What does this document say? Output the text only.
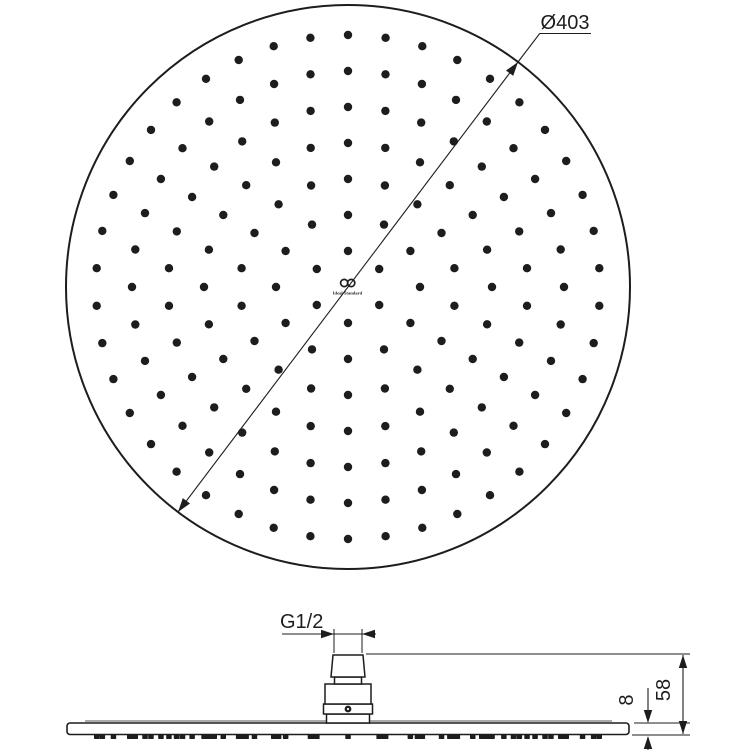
Ø403
Ideal Standard
G1/2
58
8
